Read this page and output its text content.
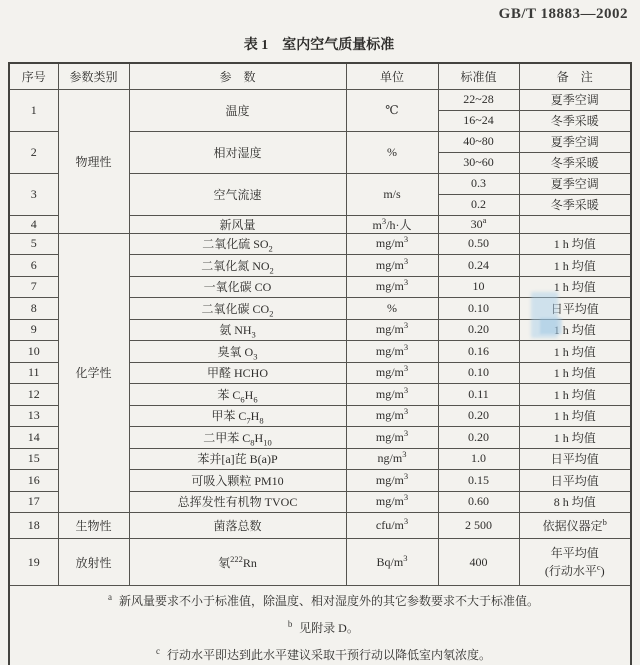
GB/T 18883—2002
表 1　室内空气质量标准
序号	参数类别	参　数	单位	标准值	备　注
1	物理性	温度	℃	22~28	夏季空调
				16~24	冬季采暖
2		相对湿度	%	40~80	夏季空调
				30~60	冬季采暖
3		空气流速	m/s	0.3	夏季空调
				0.2	冬季采暖
4		新风量	$m^3/h\cdot$人	30$^a$	
5	化学性	二氧化硫 $SO_2$	$mg/m^3$	0.50	1 h 均值
6		二氧化氮 $NO_2$	$mg/m^3$	0.24	1 h 均值
7		一氧化碳 CO	$mg/m^3$	10	1 h 均值
8		二氧化碳 $CO_2$	%	0.10	日平均值
9		氨 $NH_3$	$mg/m^3$	0.20	1 h 均值
10		臭氧 $O_3$	$mg/m^3$	0.16	1 h 均值
11		甲醛 HCHO	$mg/m^3$	0.10	1 h 均值
12		苯 $C_6H_6$	$mg/m^3$	0.11	1 h 均值
13		甲苯 $C_7H_8$	$mg/m^3$	0.20	1 h 均值
14		二甲苯 $C_8H_{10}$	$mg/m^3$	0.20	1 h 均值
15		苯并[a]芘 B(a)P	$ng/m^3$	1.0	日平均值
16		可吸入颗粒 PM10	$mg/m^3$	0.15	日平均值
17		总挥发性有机物 TVOC	$mg/m^3$	0.60	8 h 均值
18	生物性	菌落总数	cfu/$m^3$	2 500	依据仪器定$^b$
19	放射性	氡$^{222}$Rn	$Bq/m^3$	400	年平均值
(行动水平$^c$)

a 新风量要求不小于标准值，除温度、相对湿度外的其它参数要求不大于标准值。
b 见附录 D。
c 行动水平即达到此水平建议采取干预行动以降低室内氡浓度。					
